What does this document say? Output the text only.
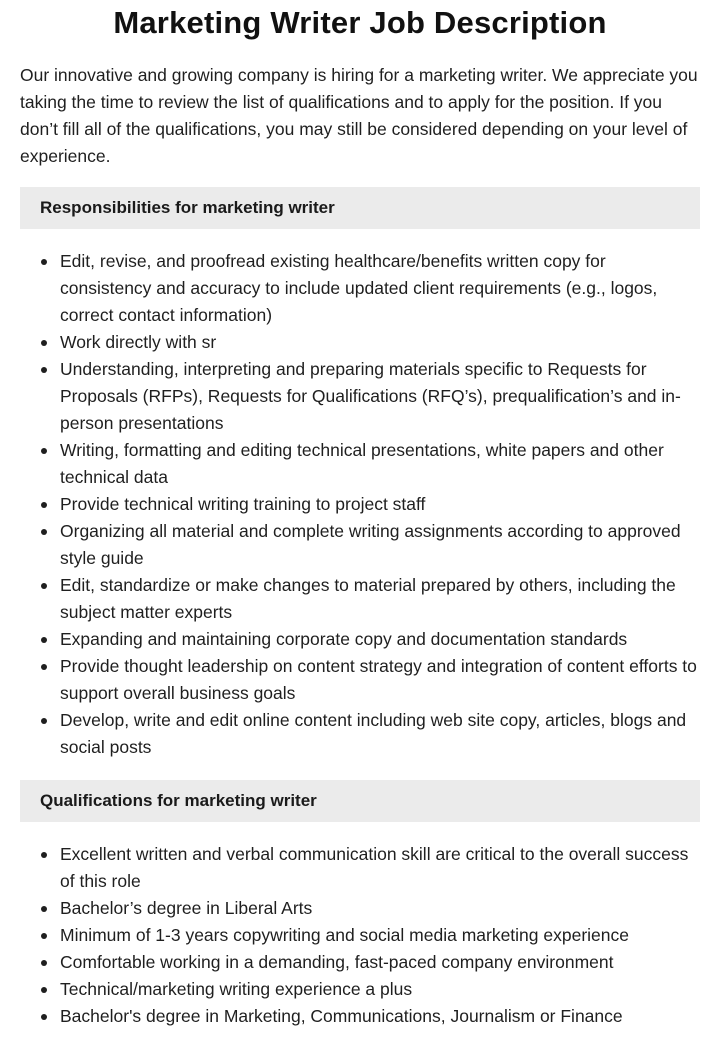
Marketing Writer Job Description

Our innovative and growing company is hiring for a marketing writer. We appreciate you taking the time to review the list of qualifications and to apply for the position. If you don’t fill all of the qualifications, you may still be considered depending on your level of experience.

Responsibilities for marketing writer
Edit, revise, and proofread existing healthcare/benefits written copy for consistency and accuracy to include updated client requirements (e.g., logos, correct contact information)
Work directly with sr
Understanding, interpreting and preparing materials specific to Requests for Proposals (RFPs), Requests for Qualifications (RFQ’s), prequalification’s and in-person presentations
Writing, formatting and editing technical presentations, white papers and other technical data
Provide technical writing training to project staff
Organizing all material and complete writing assignments according to approved style guide
Edit, standardize or make changes to material prepared by others, including the subject matter experts
Expanding and maintaining corporate copy and documentation standards
Provide thought leadership on content strategy and integration of content efforts to support overall business goals
Develop, write and edit online content including web site copy, articles, blogs and social posts
Qualifications for marketing writer
Excellent written and verbal communication skill are critical to the overall success of this role
Bachelor’s degree in Liberal Arts
Minimum of 1-3 years copywriting and social media marketing experience
Comfortable working in a demanding, fast-paced company environment
Technical/marketing writing experience a plus
Bachelor's degree in Marketing, Communications, Journalism or Finance
